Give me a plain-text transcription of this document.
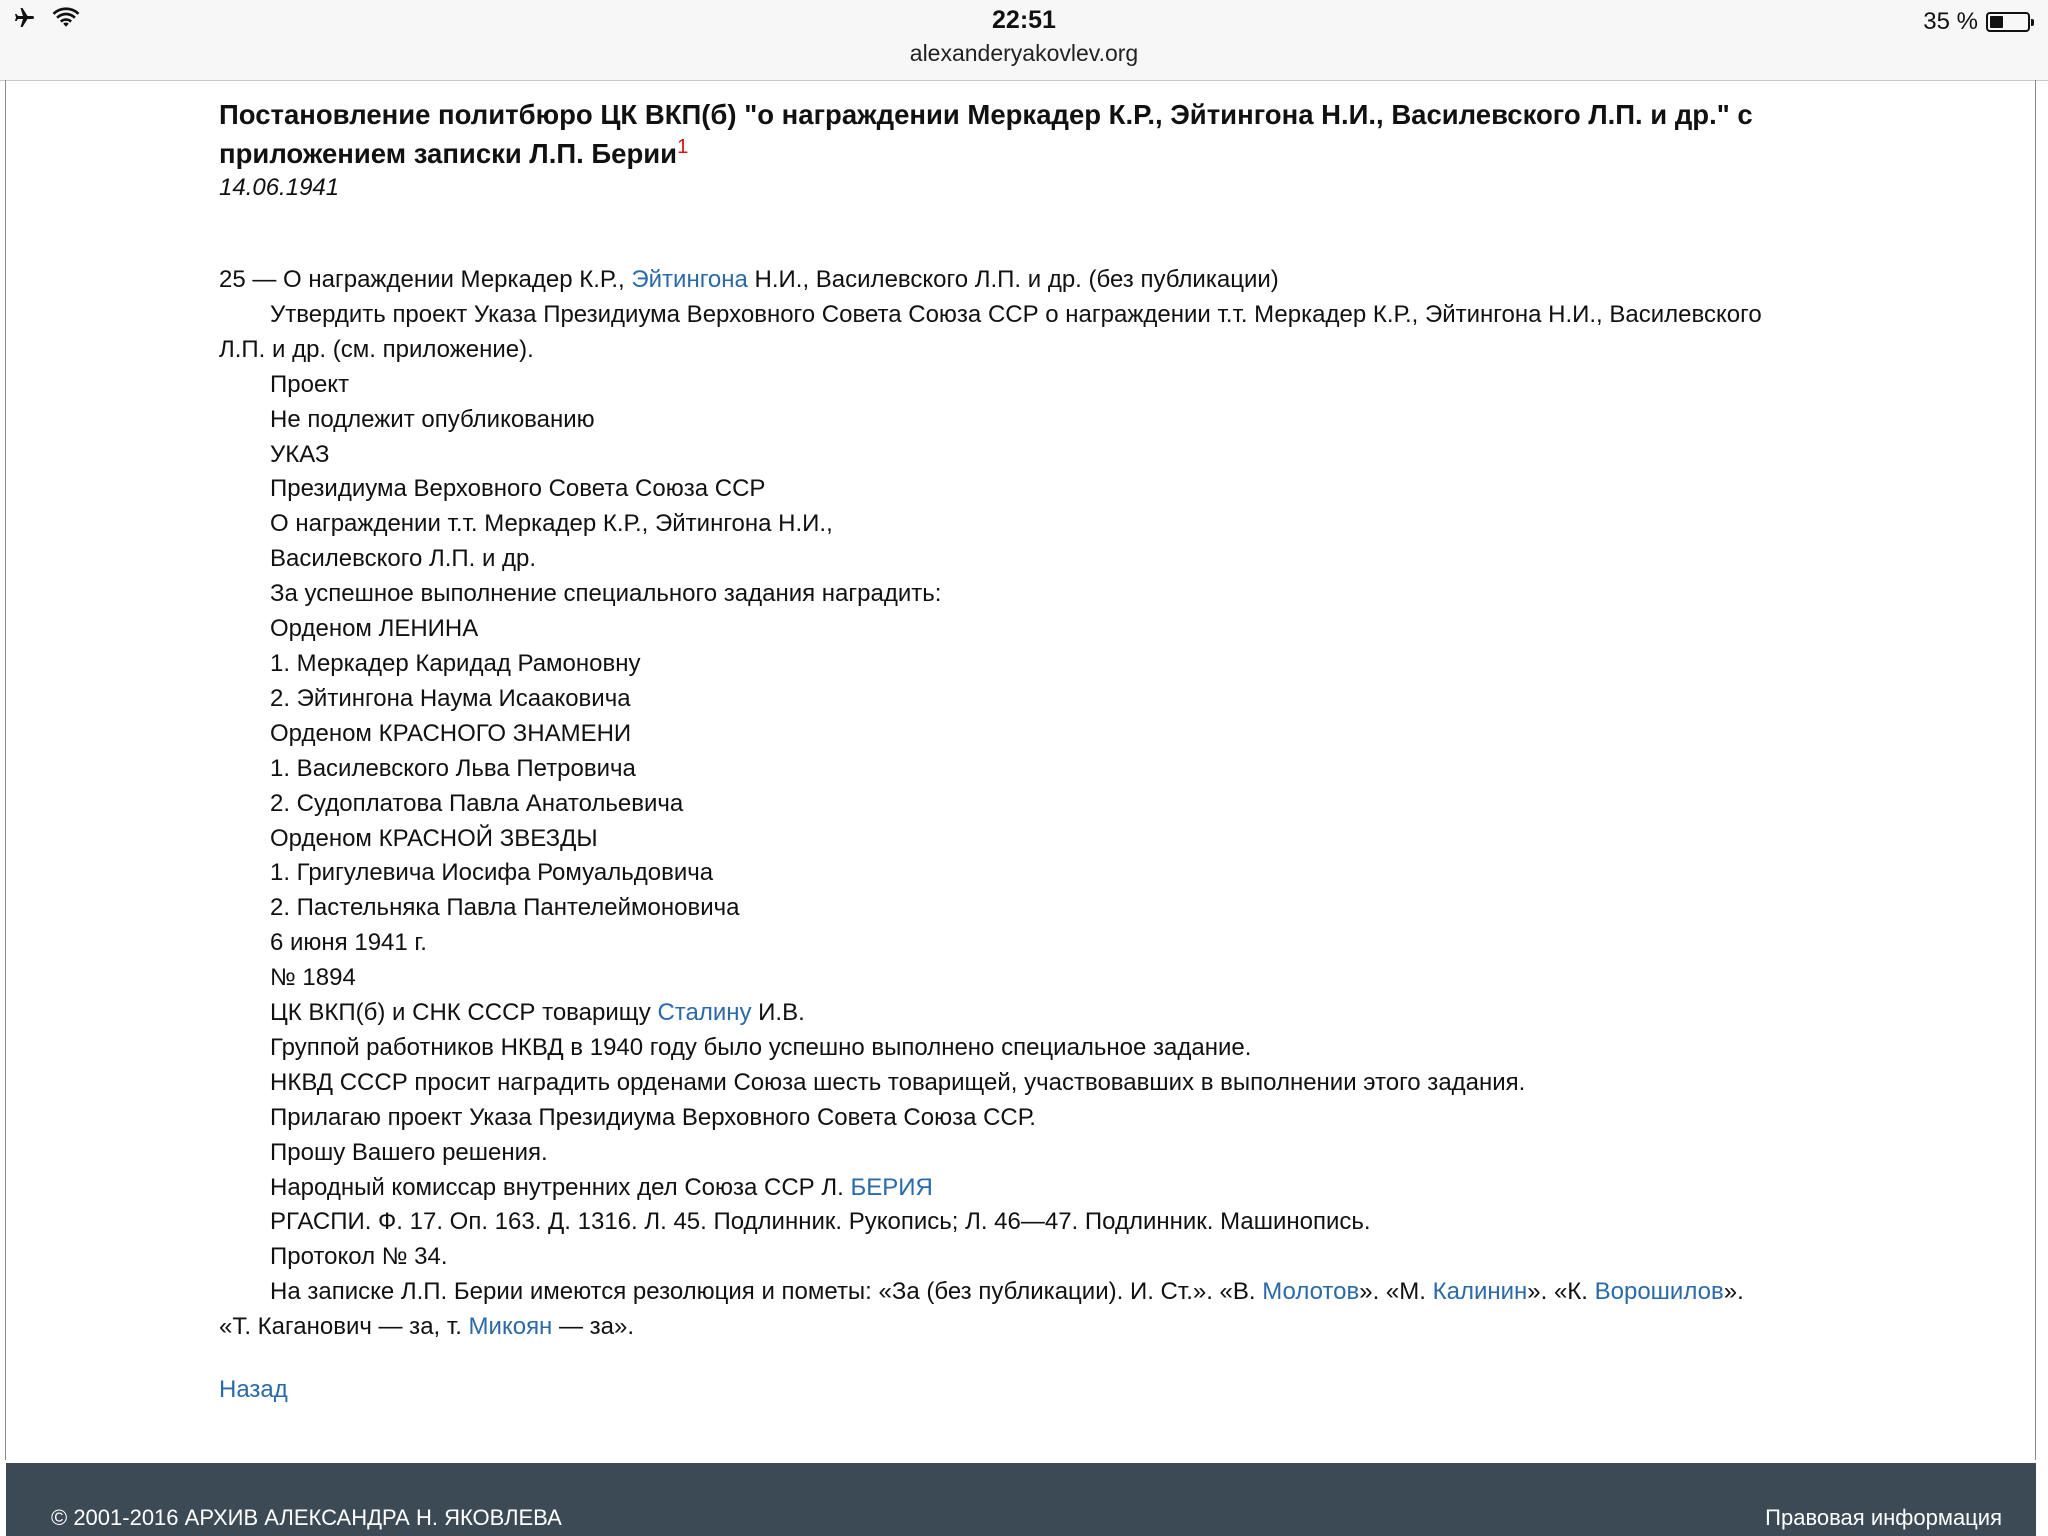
22:51
alexanderyakovlev.org
35 %
Постановление политбюро ЦК ВКП(б) "о награждении Меркадер К.Р., Эйтингона Н.И., Василевского Л.П. и др." с приложением записки Л.П. Берии$^1$
14.06.1941

25 — О награждении Меркадер К.Р., Эйтингона Н.И., Василевского Л.П. и др. (без публикации)

Утвердить проект Указа Президиума Верховного Совета Союза ССР о награждении т.т. Меркадер К.Р., Эйтингона Н.И., Василевского Л.П. и др. (см. приложение).

Проект

Не подлежит опубликованию

УКАЗ

Президиума Верховного Совета Союза ССР

О награждении т.т. Меркадер К.Р., Эйтингона Н.И.,

Василевского Л.П. и др.

За успешное выполнение специального задания наградить:

Орденом ЛЕНИНА

1. Меркадер Каридад Рамоновну

2. Эйтингона Наума Исааковича

Орденом КРАСНОГО ЗНАМЕНИ

1. Василевского Льва Петровича

2. Судоплатова Павла Анатольевича

Орденом КРАСНОЙ ЗВЕЗДЫ

1. Григулевича Иосифа Ромуальдовича

2. Пастельняка Павла Пантелеймоновича

6 июня 1941 г.

№ 1894

ЦК ВКП(б) и СНК СССР товарищу Сталину И.В.

Группой работников НКВД в 1940 году было успешно выполнено специальное задание.

НКВД СССР просит наградить орденами Союза шесть товарищей, участвовавших в выполнении этого задания.

Прилагаю проект Указа Президиума Верховного Совета Союза ССР.

Прошу Вашего решения.

Народный комиссар внутренних дел Союза ССР Л. БЕРИЯ

РГАСПИ. Ф. 17. Оп. 163. Д. 1316. Л. 45. Подлинник. Рукопись; Л. 46—47. Подлинник. Машинопись.

Протокол № 34.

На записке Л.П. Берии имеются резолюция и пометы: «За (без публикации). И. Ст.». «В. Молотов». «М. Калинин». «К. Ворошилов». «Т. Каганович — за, т. Микоян — за».

Назад
© 2001-2016 АРХИВ АЛЕКСАНДРА Н. ЯКОВЛЕВА	Правовая информация
